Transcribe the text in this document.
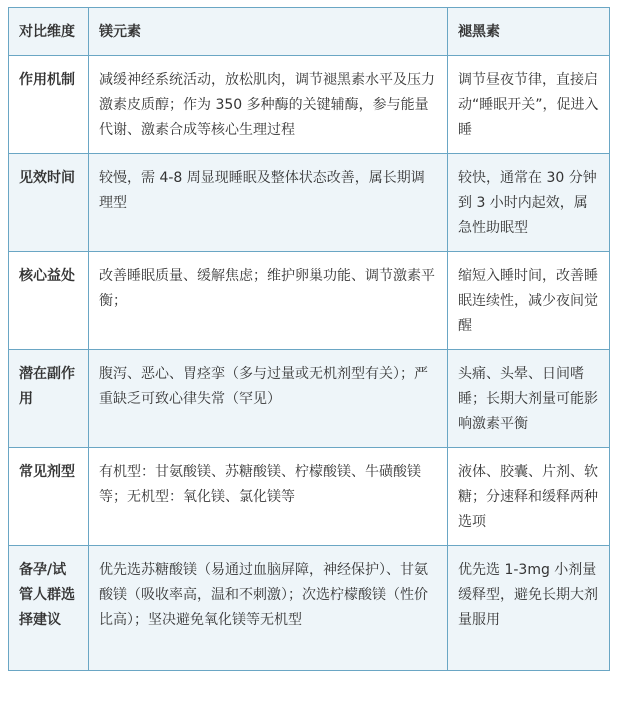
对比维度	镁元素	褪黑素
作用机制	减缓神经系统活动，放松肌肉，调节褪黑素水平及压力激素皮质醇；作为 350 多种酶的关键辅酶，参与能量代谢、激素合成等核心生理过程	调节昼夜节律，直接启动“睡眠开关”，促进入睡
见效时间	较慢，需 4-8 周显现睡眠及整体状态改善，属长期调理型	较快，通常在 30 分钟到 3 小时内起效，属急性助眠型
核心益处	改善睡眠质量、缓解焦虑；维护卵巢功能、调节激素平衡；	缩短入睡时间，改善睡眠连续性，减少夜间觉醒
潜在副作用	腹泻、恶心、胃痉挛（多与过量或无机剂型有关）；严重缺乏可致心律失常（罕见）	头痛、头晕、日间嗜睡；长期大剂量可能影响激素平衡
常见剂型	有机型：甘氨酸镁、苏糖酸镁、柠檬酸镁、牛磺酸镁等；无机型：氧化镁、氯化镁等	液体、胶囊、片剂、软糖；分速释和缓释两种选项
备孕/试管人群选择建议	优先选苏糖酸镁（易通过血脑屏障，神经保护）、甘氨酸镁（吸收率高，温和不刺激）；次选柠檬酸镁（性价比高）；坚决避免氧化镁等无机型	优先选 1-3mg 小剂量缓释型，避免长期大剂量服用
